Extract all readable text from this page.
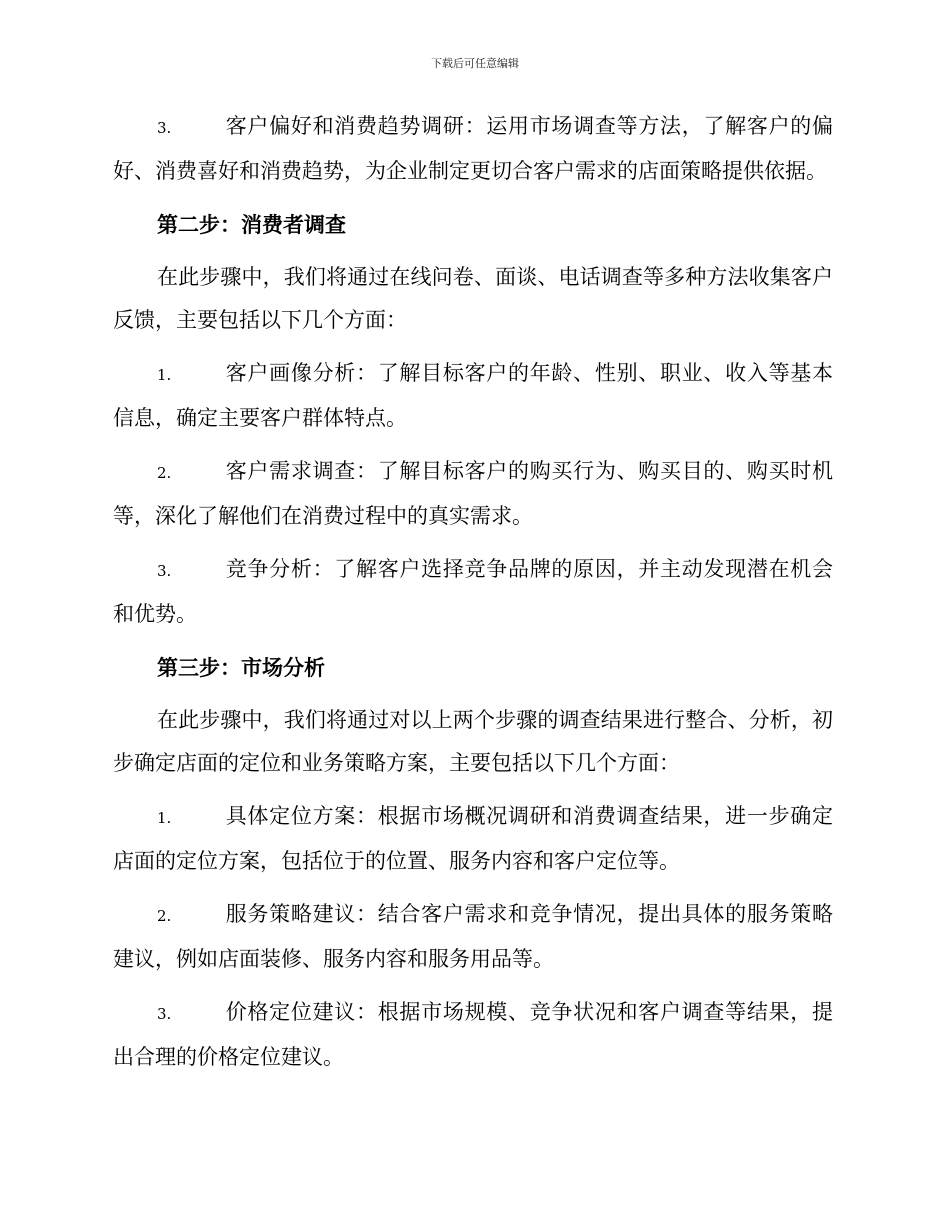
下载后可任意编辑

3.	客户偏好和消费趋势调研：运用市场调查等方法，了解客户的偏好、消费喜好和消费趋势，为企业制定更切合客户需求的店面策略提供依据。

第二步：消费者调查

在此步骤中，我们将通过在线问卷、面谈、电话调查等多种方法收集客户反馈，主要包括以下几个方面：

1.	客户画像分析：了解目标客户的年龄、性别、职业、收入等基本信息，确定主要客户群体特点。

2.	客户需求调查：了解目标客户的购买行为、购买目的、购买时机等，深化了解他们在消费过程中的真实需求。

3.	竞争分析：了解客户选择竞争品牌的原因，并主动发现潜在机会和优势。

第三步：市场分析

在此步骤中，我们将通过对以上两个步骤的调查结果进行整合、分析，初步确定店面的定位和业务策略方案，主要包括以下几个方面：

1.	具体定位方案：根据市场概况调研和消费调查结果，进一步确定店面的定位方案，包括位于的位置、服务内容和客户定位等。

2.	服务策略建议：结合客户需求和竞争情况，提出具体的服务策略建议，例如店面装修、服务内容和服务用品等。

3.	价格定位建议：根据市场规模、竞争状况和客户调查等结果，提出合理的价格定位建议。
